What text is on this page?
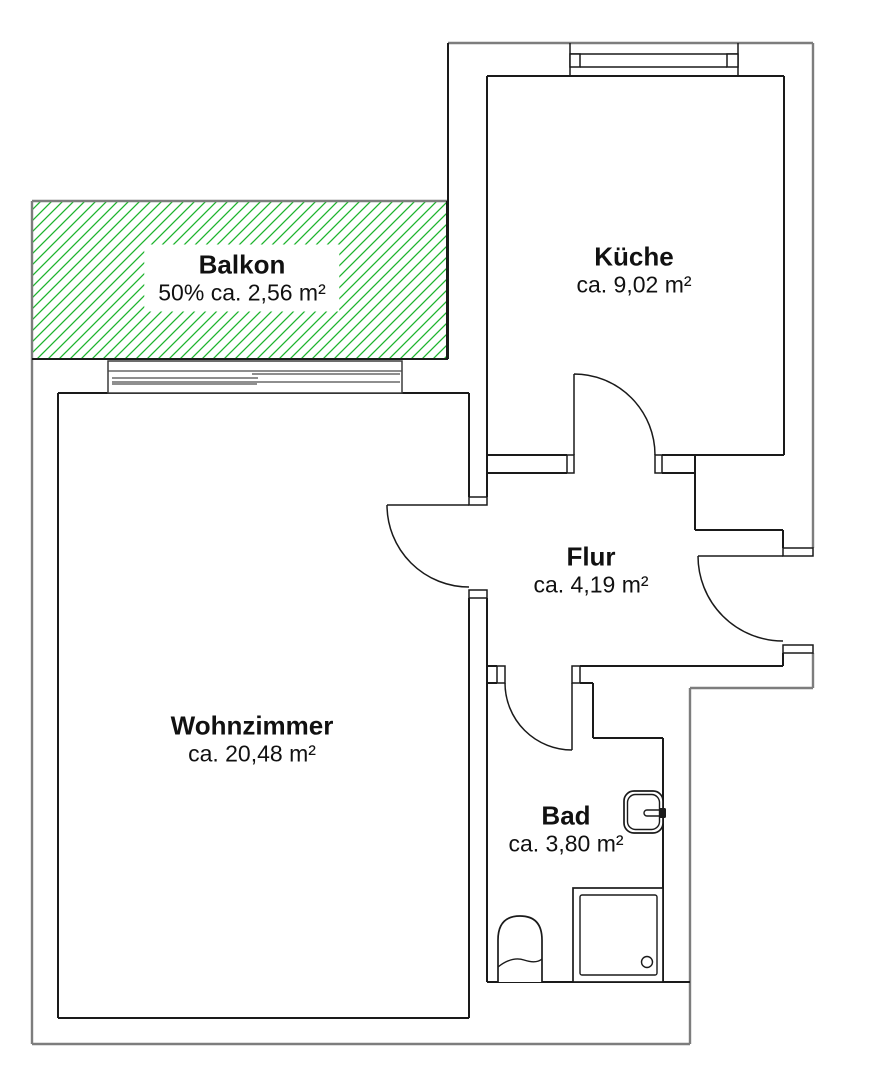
Balkon
50% ca. 2,56 m²
Küche
ca. 9,02 m²
Flur
ca. 4,19 m²
Wohnzimmer
ca. 20,48 m²
Bad
ca. 3,80 m²
